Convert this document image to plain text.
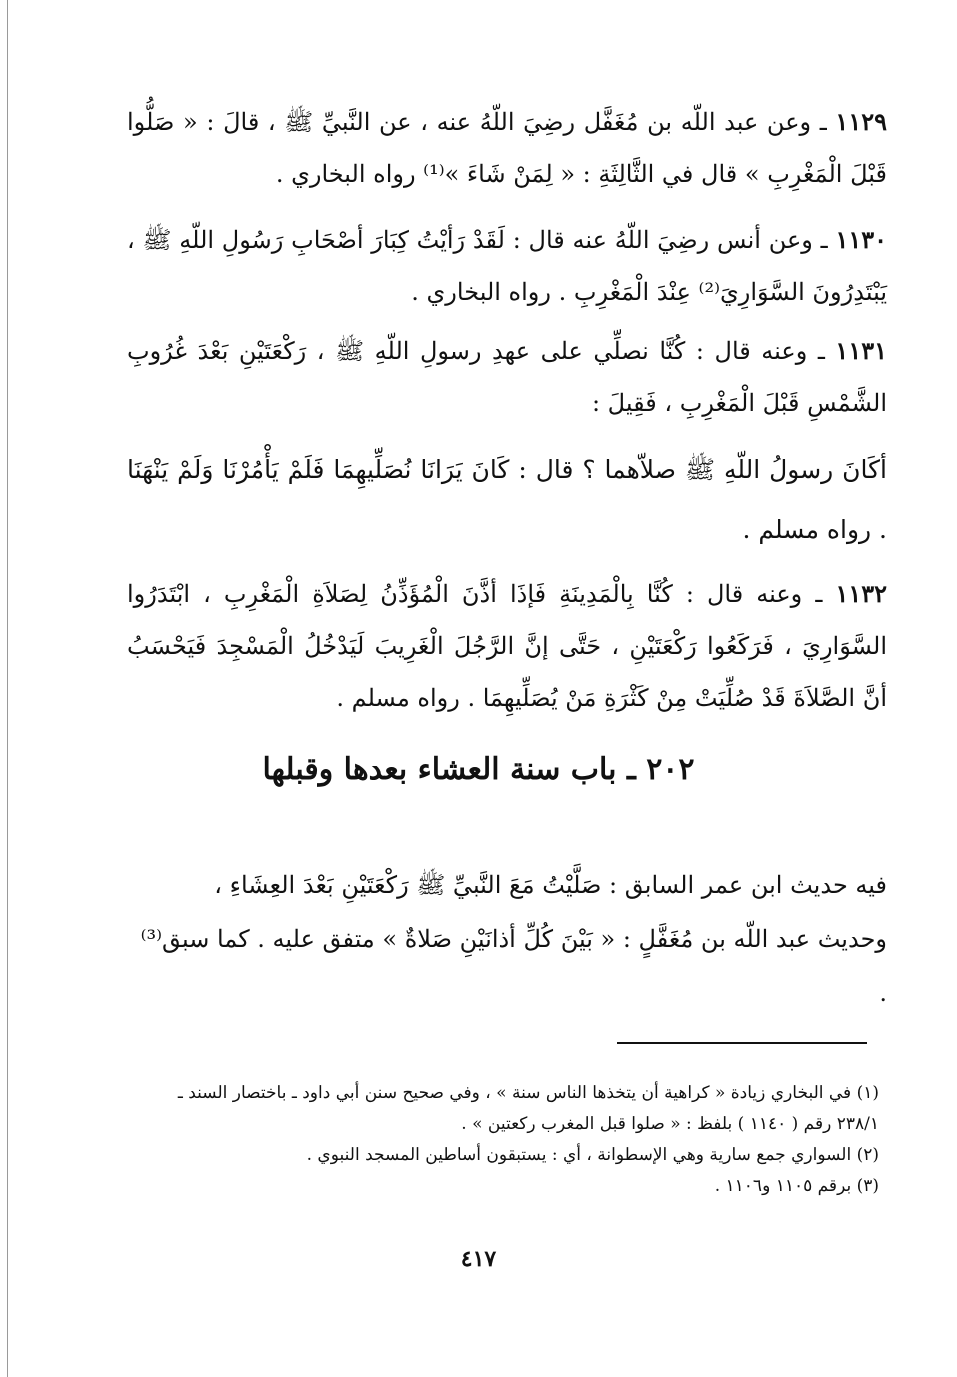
١١٢٩ ـ وعن عبد اللّه بن مُغَفَّل رضِيَ اللّهُ عنه ، عن النَّبيِّ ﷺ ، قالَ : « صَلُّوا قَبْلَ الْمَغْرِبِ » قال في الثَّالِثَةِ : « لِمَنْ شَاءَ »⁽¹⁾ رواه البخاري .

١١٣٠ ـ وعن أنس رضِيَ اللّهُ عنه قال : لَقَدْ رَأيْتُ كِبَارَ أصْحَابِ رَسُولِ اللّهِ ﷺ ، يَبْتَدِرُونَ السَّوَارِيَ⁽²⁾ عِنْدَ الْمَغْرِبِ . رواه البخاري .

١١٣١ ـ وعنه قال : كُنَّا نصلِّي على عهدِ رسولِ اللّهِ ﷺ ، رَكْعَتَيْنِ بَعْدَ غُرُوبِ الشَّمْسِ قَبْلَ الْمَغْرِبِ ، فَقِيلَ :

أكَانَ رسولُ اللّهِ ﷺ صلاّهما ؟ قال : كَانَ يَرَانَا نُصَلِّيهِمَا فَلَمْ يَأْمُرْنَا وَلَمْ يَنْهَنَا . رواه مسلم .

١١٣٢ ـ وعنه قال : كُنَّا بِالْمَدِينَةِ فَإذَا أذَّنَ الْمُؤَذِّنُ لِصَلاَةِ الْمَغْرِبِ ، ابْتَدَرُوا السَّوَارِيَ ، فَرَكَعُوا رَكْعَتَيْنِ ، حَتَّى إنَّ الرَّجُلَ الْغَرِيبَ لَيَدْخُلُ الْمَسْجِدَ فَيَحْسَبُ أنَّ الصَّلاَةَ قَدْ صُلِّيَتْ مِنْ كَثْرَةِ مَنْ يُصَلِّيهِمَا . رواه مسلم .

٢٠٢ ـ باب سنة العشاء بعدها وقبلها
فيه حديث ابن عمر السابق : صَلَّيْتُ مَعَ النَّبيِّ ﷺ رَكْعَتَيْنِ بَعْدَ العِشَاءِ ،
وحديث عبد اللّه بن مُغَفَّلٍ : « بَيْنَ كُلِّ أذانَيْنِ صَلاةٌ » متفق عليه . كما سبق⁽³⁾ .
(١) في البخاري زيادة « كراهية أن يتخذها الناس سنة » ، وفي صحيح سنن أبي داود ـ باختصار السند ـ ٢٣٨/١ رقم ( ١١٤٠ ) بلفظ : « صلوا قبل المغرب ركعتين » .
(٢) السواري جمع سارية وهي الإسطوانة ، أي : يستبقون أساطين المسجد النبوي .
(٣) برقم ١١٠٥ و١١٠٦ .
٤١٧
